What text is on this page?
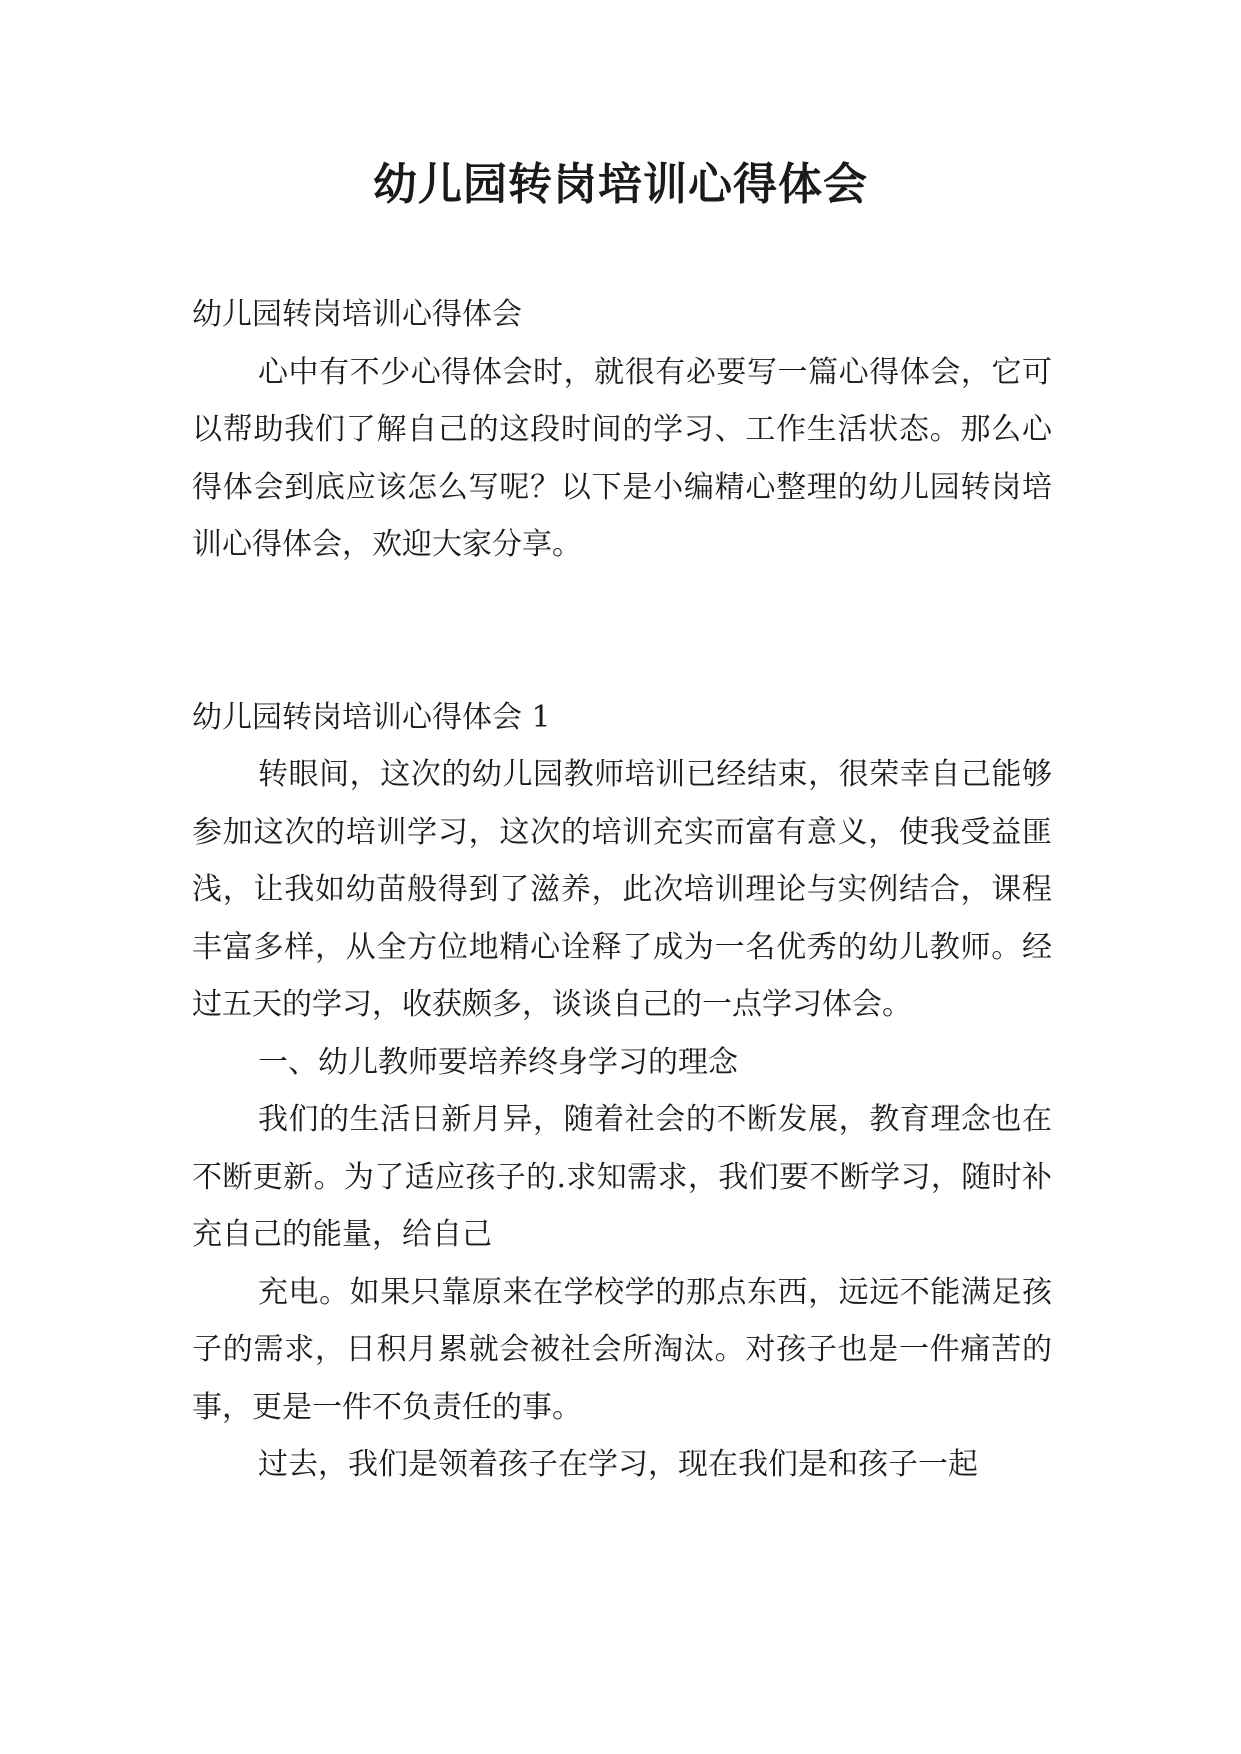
幼儿园转岗培训心得体会

幼儿园转岗培训心得体会

心中有不少心得体会时，就很有必要写一篇心得体会，它可以帮助我们了解自己的这段时间的学习、工作生活状态。那么心得体会到底应该怎么写呢？以下是小编精心整理的幼儿园转岗培训心得体会，欢迎大家分享。

幼儿园转岗培训心得体会 1

转眼间，这次的幼儿园教师培训已经结束，很荣幸自己能够参加这次的培训学习，这次的培训充实而富有意义，使我受益匪浅，让我如幼苗般得到了滋养，此次培训理论与实例结合，课程丰富多样，从全方位地精心诠释了成为一名优秀的幼儿教师。经过五天的学习，收获颇多，谈谈自己的一点学习体会。

一、幼儿教师要培养终身学习的理念

我们的生活日新月异，随着社会的不断发展，教育理念也在不断更新。为了适应孩子的.求知需求，我们要不断学习，随时补充自己的能量，给自己

充电。如果只靠原来在学校学的那点东西，远远不能满足孩子的需求，日积月累就会被社会所淘汰。对孩子也是一件痛苦的事，更是一件不负责任的事。

过去，我们是领着孩子在学习，现在我们是和孩子一起
